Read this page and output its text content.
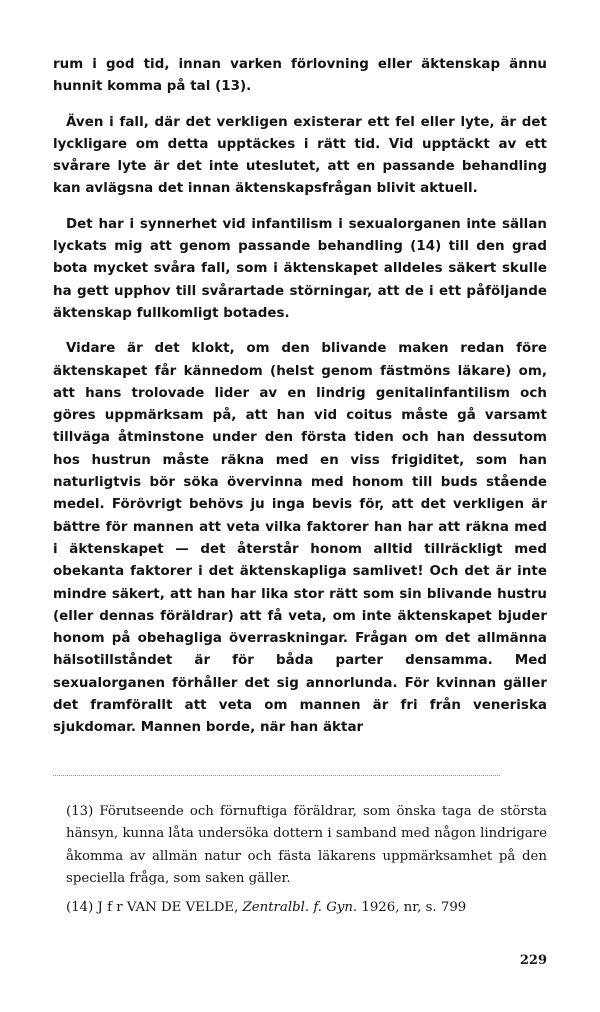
rum i god tid, innan varken förlovning eller äktenskap ännu hunnit komma på tal (13).

Även i fall, där det verkligen existerar ett fel eller lyte, är det lyckligare om detta upptäckes i rätt tid. Vid upptäckt av ett svårare lyte är det inte uteslutet, att en passande behandling kan avlägsna det innan äktenskapsfrågan blivit aktuell.

Det har i synnerhet vid infantilism i sexualorganen inte sällan lyckats mig att genom passande behandling (14) till den grad bota mycket svåra fall, som i äktenskapet alldeles säkert skulle ha gett upphov till svårartade störningar, att de i ett påföljande äktenskap fullkomligt botades.

Vidare är det klokt, om den blivande maken redan före äktenskapet får kännedom (helst genom fästmöns läkare) om, att hans trolovade lider av en lindrig genitalinfantilism och göres uppmärksam på, att han vid coitus måste gå varsamt tillväga åtminstone under den första tiden och han dessutom hos hustrun måste räkna med en viss frigiditet, som han naturligtvis bör söka övervinna med honom till buds stående medel. Förövrigt behövs ju inga bevis för, att det verkligen är bättre för mannen att veta vilka faktorer han har att räkna med i äktenskapet — det återstår honom alltid tillräckligt med obekanta faktorer i det äktenskapliga samlivet! Och det är inte mindre säkert, att han har lika stor rätt som sin blivande hustru (eller dennas föräldrar) att få veta, om inte äktenskapet bjuder honom på obehagliga överraskningar. Frågan om det allmänna hälsotillståndet är för båda parter densamma. Med sexualorganen förhåller det sig annorlunda. För kvinnan gäller det framförallt att veta om mannen är fri från veneriska sjukdomar. Mannen borde, när han äktar

(13) Förutseende och förnuftiga föräldrar, som önska taga de största hänsyn, kunna låta undersöka dottern i samband med någon lindrigare åkomma av allmän natur och fästa läkarens uppmärksamhet på den speciella fråga, som saken gäller.

(14) J f r VAN DE VELDE, Zentralbl. f. Gyn. 1926, nr, s. 799

229
